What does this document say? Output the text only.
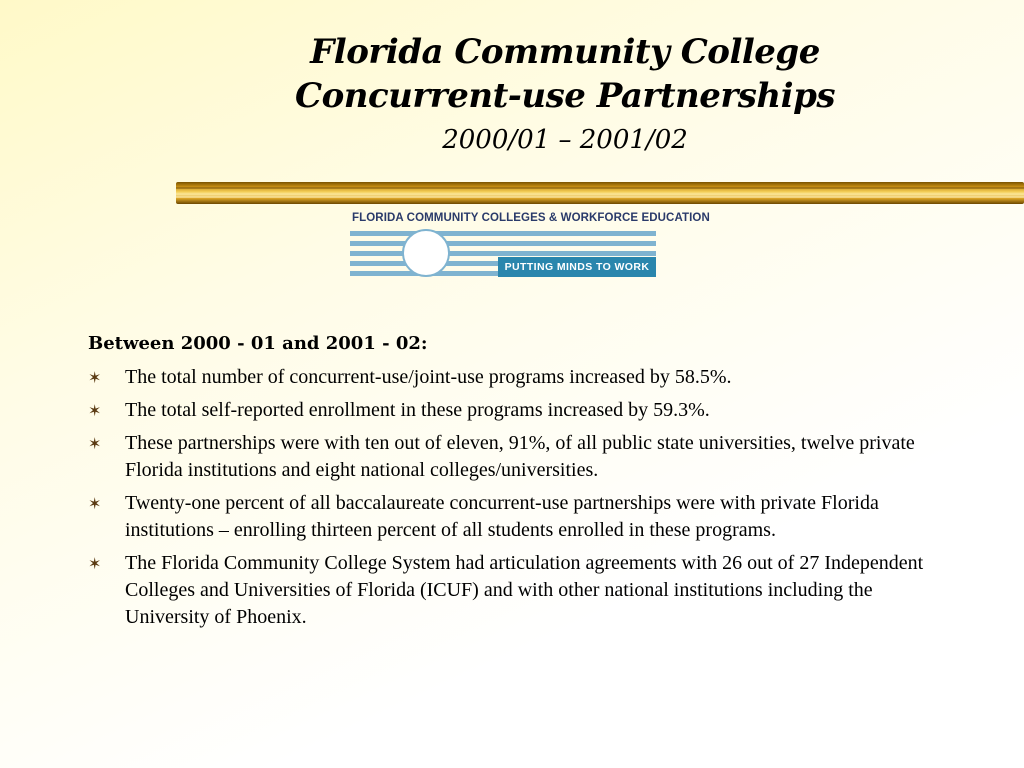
Florida Community College
Concurrent-use Partnerships
2000/01 – 2001/02
FLORIDA COMMUNITY COLLEGES & WORKFORCE EDUCATION
PUTTING MINDS TO WORK
Between 2000 - 01 and 2001 - 02:
✶ The total number of concurrent-use/joint-use programs increased by 58.5%.
✶ The total self-reported enrollment in these programs increased by 59.3%.
✶ These partnerships were with ten out of eleven, 91%, of all public state universities, twelve private Florida institutions and eight national colleges/universities.
✶ Twenty-one percent of all baccalaureate concurrent-use partnerships were with private Florida institutions – enrolling thirteen percent of all students enrolled in these programs.
✶ The Florida Community College System had articulation agreements with 26 out of 27 Independent Colleges and Universities of Florida (ICUF) and with other national institutions including the University of Phoenix.
